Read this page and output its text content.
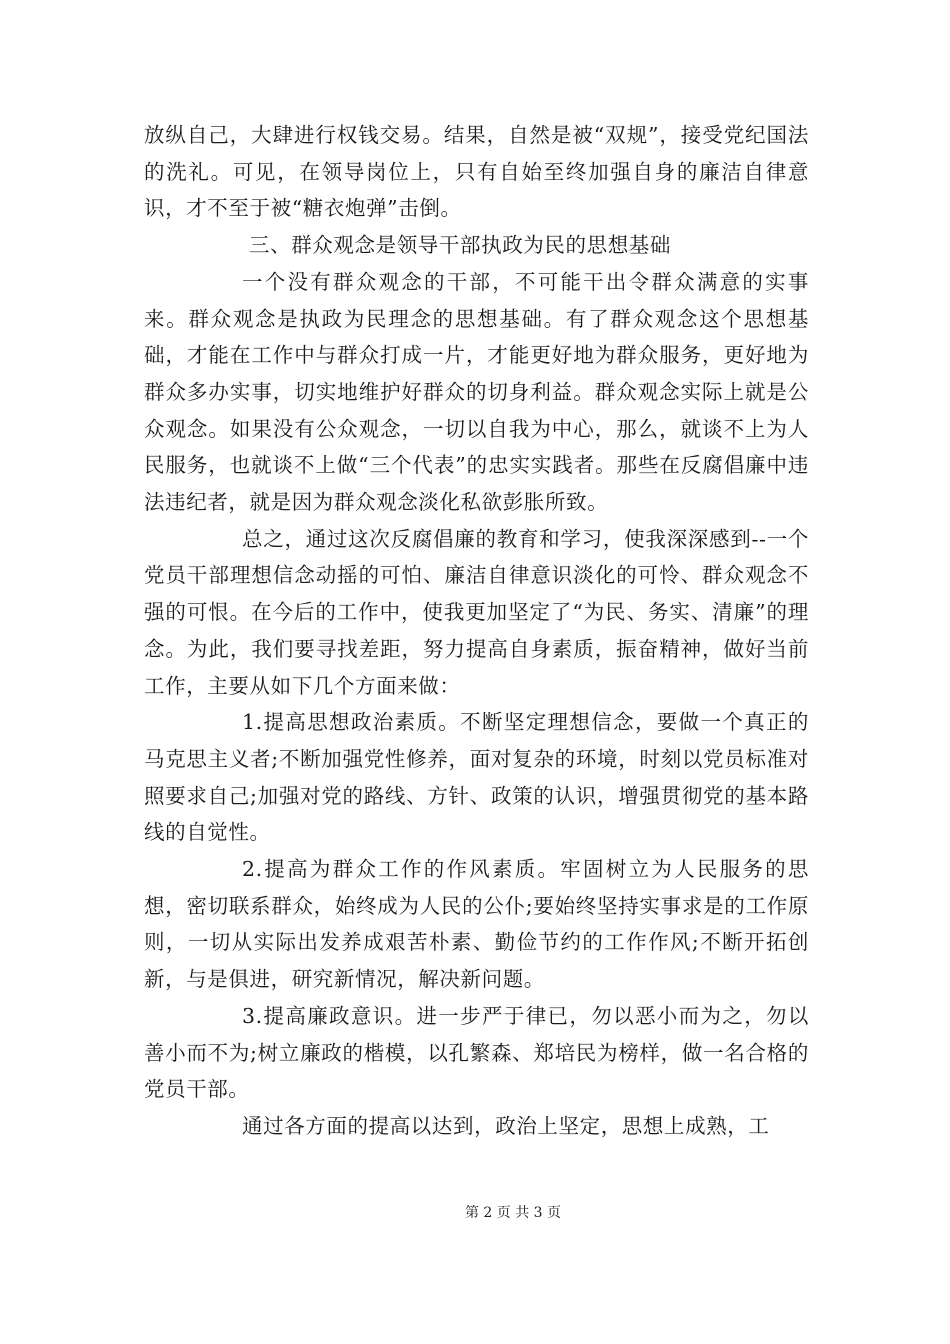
放纵自己，大肆进行权钱交易。结果，自然是被“双规”，接受党纪国法的洗礼。可见，在领导岗位上，只有自始至终加强自身的廉洁自律意识，才不至于被“糖衣炮弹”击倒。

三、群众观念是领导干部执政为民的思想基础

一个没有群众观念的干部，不可能干出令群众满意的实事来。群众观念是执政为民理念的思想基础。有了群众观念这个思想基础，才能在工作中与群众打成一片，才能更好地为群众服务，更好地为群众多办实事，切实地维护好群众的切身利益。群众观念实际上就是公众观念。如果没有公众观念，一切以自我为中心，那么，就谈不上为人民服务，也就谈不上做“三个代表”的忠实实践者。那些在反腐倡廉中违法违纪者，就是因为群众观念淡化私欲彭胀所致。

总之，通过这次反腐倡廉的教育和学习，使我深深感到--一个党员干部理想信念动摇的可怕、廉洁自律意识淡化的可怜、群众观念不强的可恨。在今后的工作中，使我更加坚定了“为民、务实、清廉”的理念。为此，我们要寻找差距，努力提高自身素质，振奋精神，做好当前工作，主要从如下几个方面来做：

1.提高思想政治素质。不断坚定理想信念，要做一个真正的马克思主义者;不断加强党性修养，面对复杂的环境，时刻以党员标准对照要求自己;加强对党的路线、方针、政策的认识，增强贯彻党的基本路线的自觉性。

2.提高为群众工作的作风素质。牢固树立为人民服务的思想，密切联系群众，始终成为人民的公仆;要始终坚持实事求是的工作原则，一切从实际出发养成艰苦朴素、勤俭节约的工作作风;不断开拓创新，与是俱进，研究新情况，解决新问题。

3.提高廉政意识。进一步严于律已，勿以恶小而为之，勿以善小而不为;树立廉政的楷模，以孔繁森、郑培民为榜样，做一名合格的党员干部。

通过各方面的提高以达到，政治上坚定，思想上成熟，工

第 2 页 共 3 页
